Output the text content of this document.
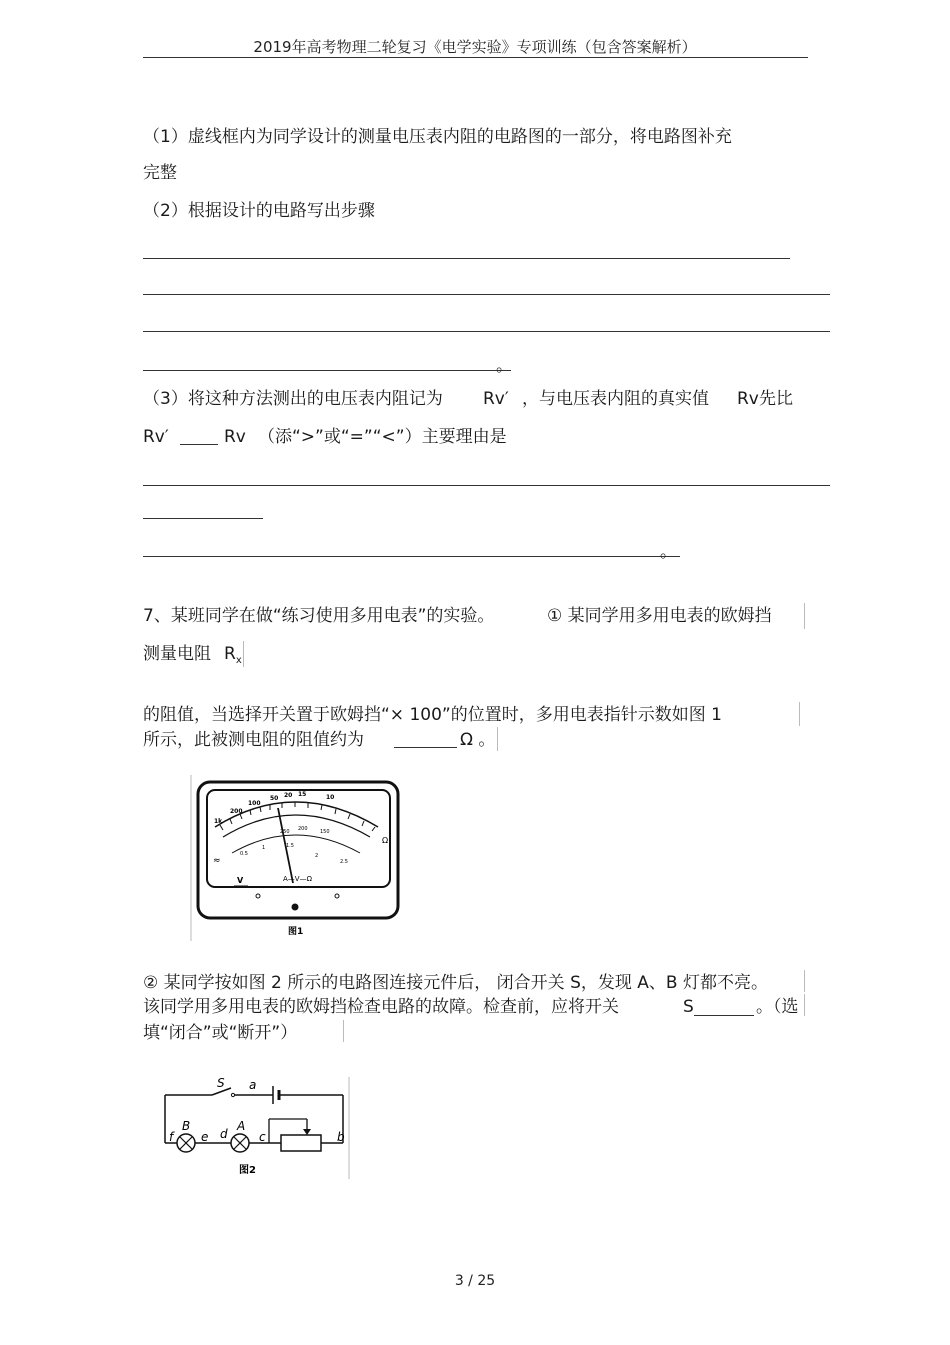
2019年高考物理二轮复习《电学实验》专项训练（包含答案解析）
（1）虚线框内为同学设计的测量电压表内阻的电路图的一部分，将电路图补充
完整
（2）根据设计的电路写出步骤
。
（3）将这种方法测出的电压表内阻记为 Rv′ ，与电压表内阻的真实值 Rv 先比
Rv′	Rv （添“>”或“=”“<”）主要理由是
。
7、某班同学在做“练习使用多用电表”的实验。	① 某同学用多用电表的欧姆挡
测量电阻 $R_x$
的阻值，当选择开关置于欧姆挡“× 100”的位置时，多用电表指针示数如图 1
所示，此被测电阻的阻值约为	Ω 。
1k
200
100
50 20 15	10
Ω
250 200 150
0.5
1	1.5
2
2.5
≈
V	A—V—Ω
图1
② 某同学按如图 2 所示的电路图连接元件后， 闭合开关 S，发现 A、B 灯都不亮。
该同学用多用电表的欧姆挡检查电路的故障。检查前，应将开关	S	。（选
填“闭合”或“断开”）
S a
b
c
d
e
f
A
B
图2
3 / 25
